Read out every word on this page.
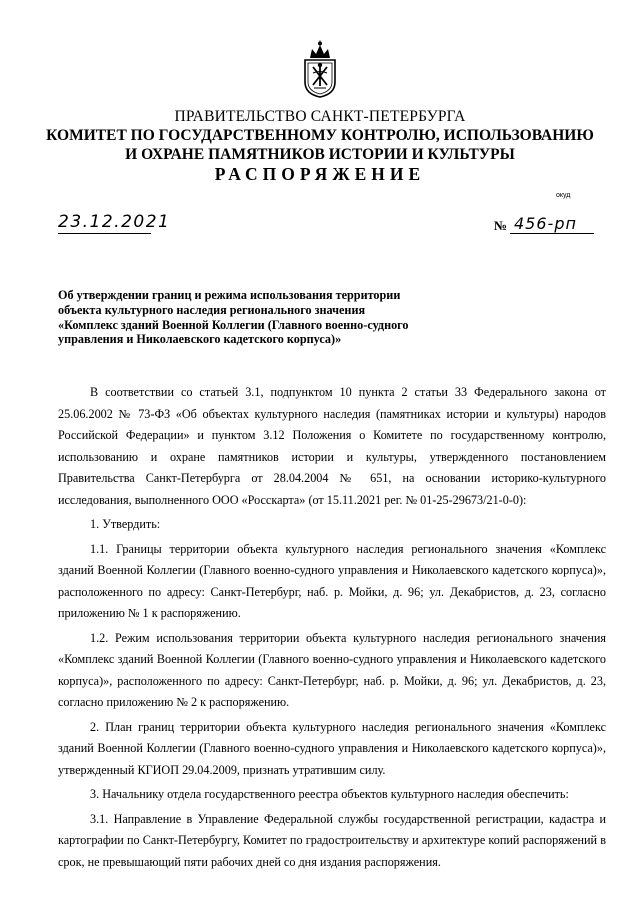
ПРАВИТЕЛЬСТВО САНКТ-ПЕТЕРБУРГА
КОМИТЕТ ПО ГОСУДАРСТВЕННОМУ КОНТРОЛЮ, ИСПОЛЬЗОВАНИЮ
И ОХРАНЕ ПАМЯТНИКОВ ИСТОРИИ И КУЛЬТУРЫ
РАСПОРЯЖЕНИЕ
окуд
23.12.2021	№ 456-рп
Об утверждении границ и режима использования территории
объекта культурного наследия регионального значения
«Комплекс зданий Военной Коллегии (Главного военно-судного
управления и Николаевского кадетского корпуса)»

В соответствии со статьей 3.1, подпунктом 10 пункта 2 статьи 33 Федерального закона от 25.06.2002 № 73-ФЗ «Об объектах культурного наследия (памятниках истории и культуры) народов Российской Федерации» и пунктом 3.12 Положения о Комитете по государственному контролю, использованию и охране памятников истории и культуры, утвержденного постановлением Правительства Санкт-Петербурга от 28.04.2004 № 651, на основании историко-культурного исследования, выполненного ООО «Росскарта» (от 15.11.2021 рег. № 01-25-29673/21-0-0):

1. Утвердить:

1.1. Границы территории объекта культурного наследия регионального значения «Комплекс зданий Военной Коллегии (Главного военно-судного управления и Николаевского кадетского корпуса)», расположенного по адресу: Санкт-Петербург, наб. р. Мойки, д. 96; ул. Декабристов, д. 23, согласно приложению № 1 к распоряжению.

1.2. Режим использования территории объекта культурного наследия регионального значения «Комплекс зданий Военной Коллегии (Главного военно-судного управления и Николаевского кадетского корпуса)», расположенного по адресу: Санкт-Петербург, наб. р. Мойки, д. 96; ул. Декабристов, д. 23, согласно приложению № 2 к распоряжению.

2. План границ территории объекта культурного наследия регионального значения «Комплекс зданий Военной Коллегии (Главного военно-судного управления и Николаевского кадетского корпуса)», утвержденный КГИОП 29.04.2009, признать утратившим силу.

3. Начальнику отдела государственного реестра объектов культурного наследия обеспечить:

3.1. Направление в Управление Федеральной службы государственной регистрации, кадастра и картографии по Санкт-Петербургу, Комитет по градостроительству и архитектуре копий распоряжений в срок, не превышающий пяти рабочих дней со дня издания распоряжения.
